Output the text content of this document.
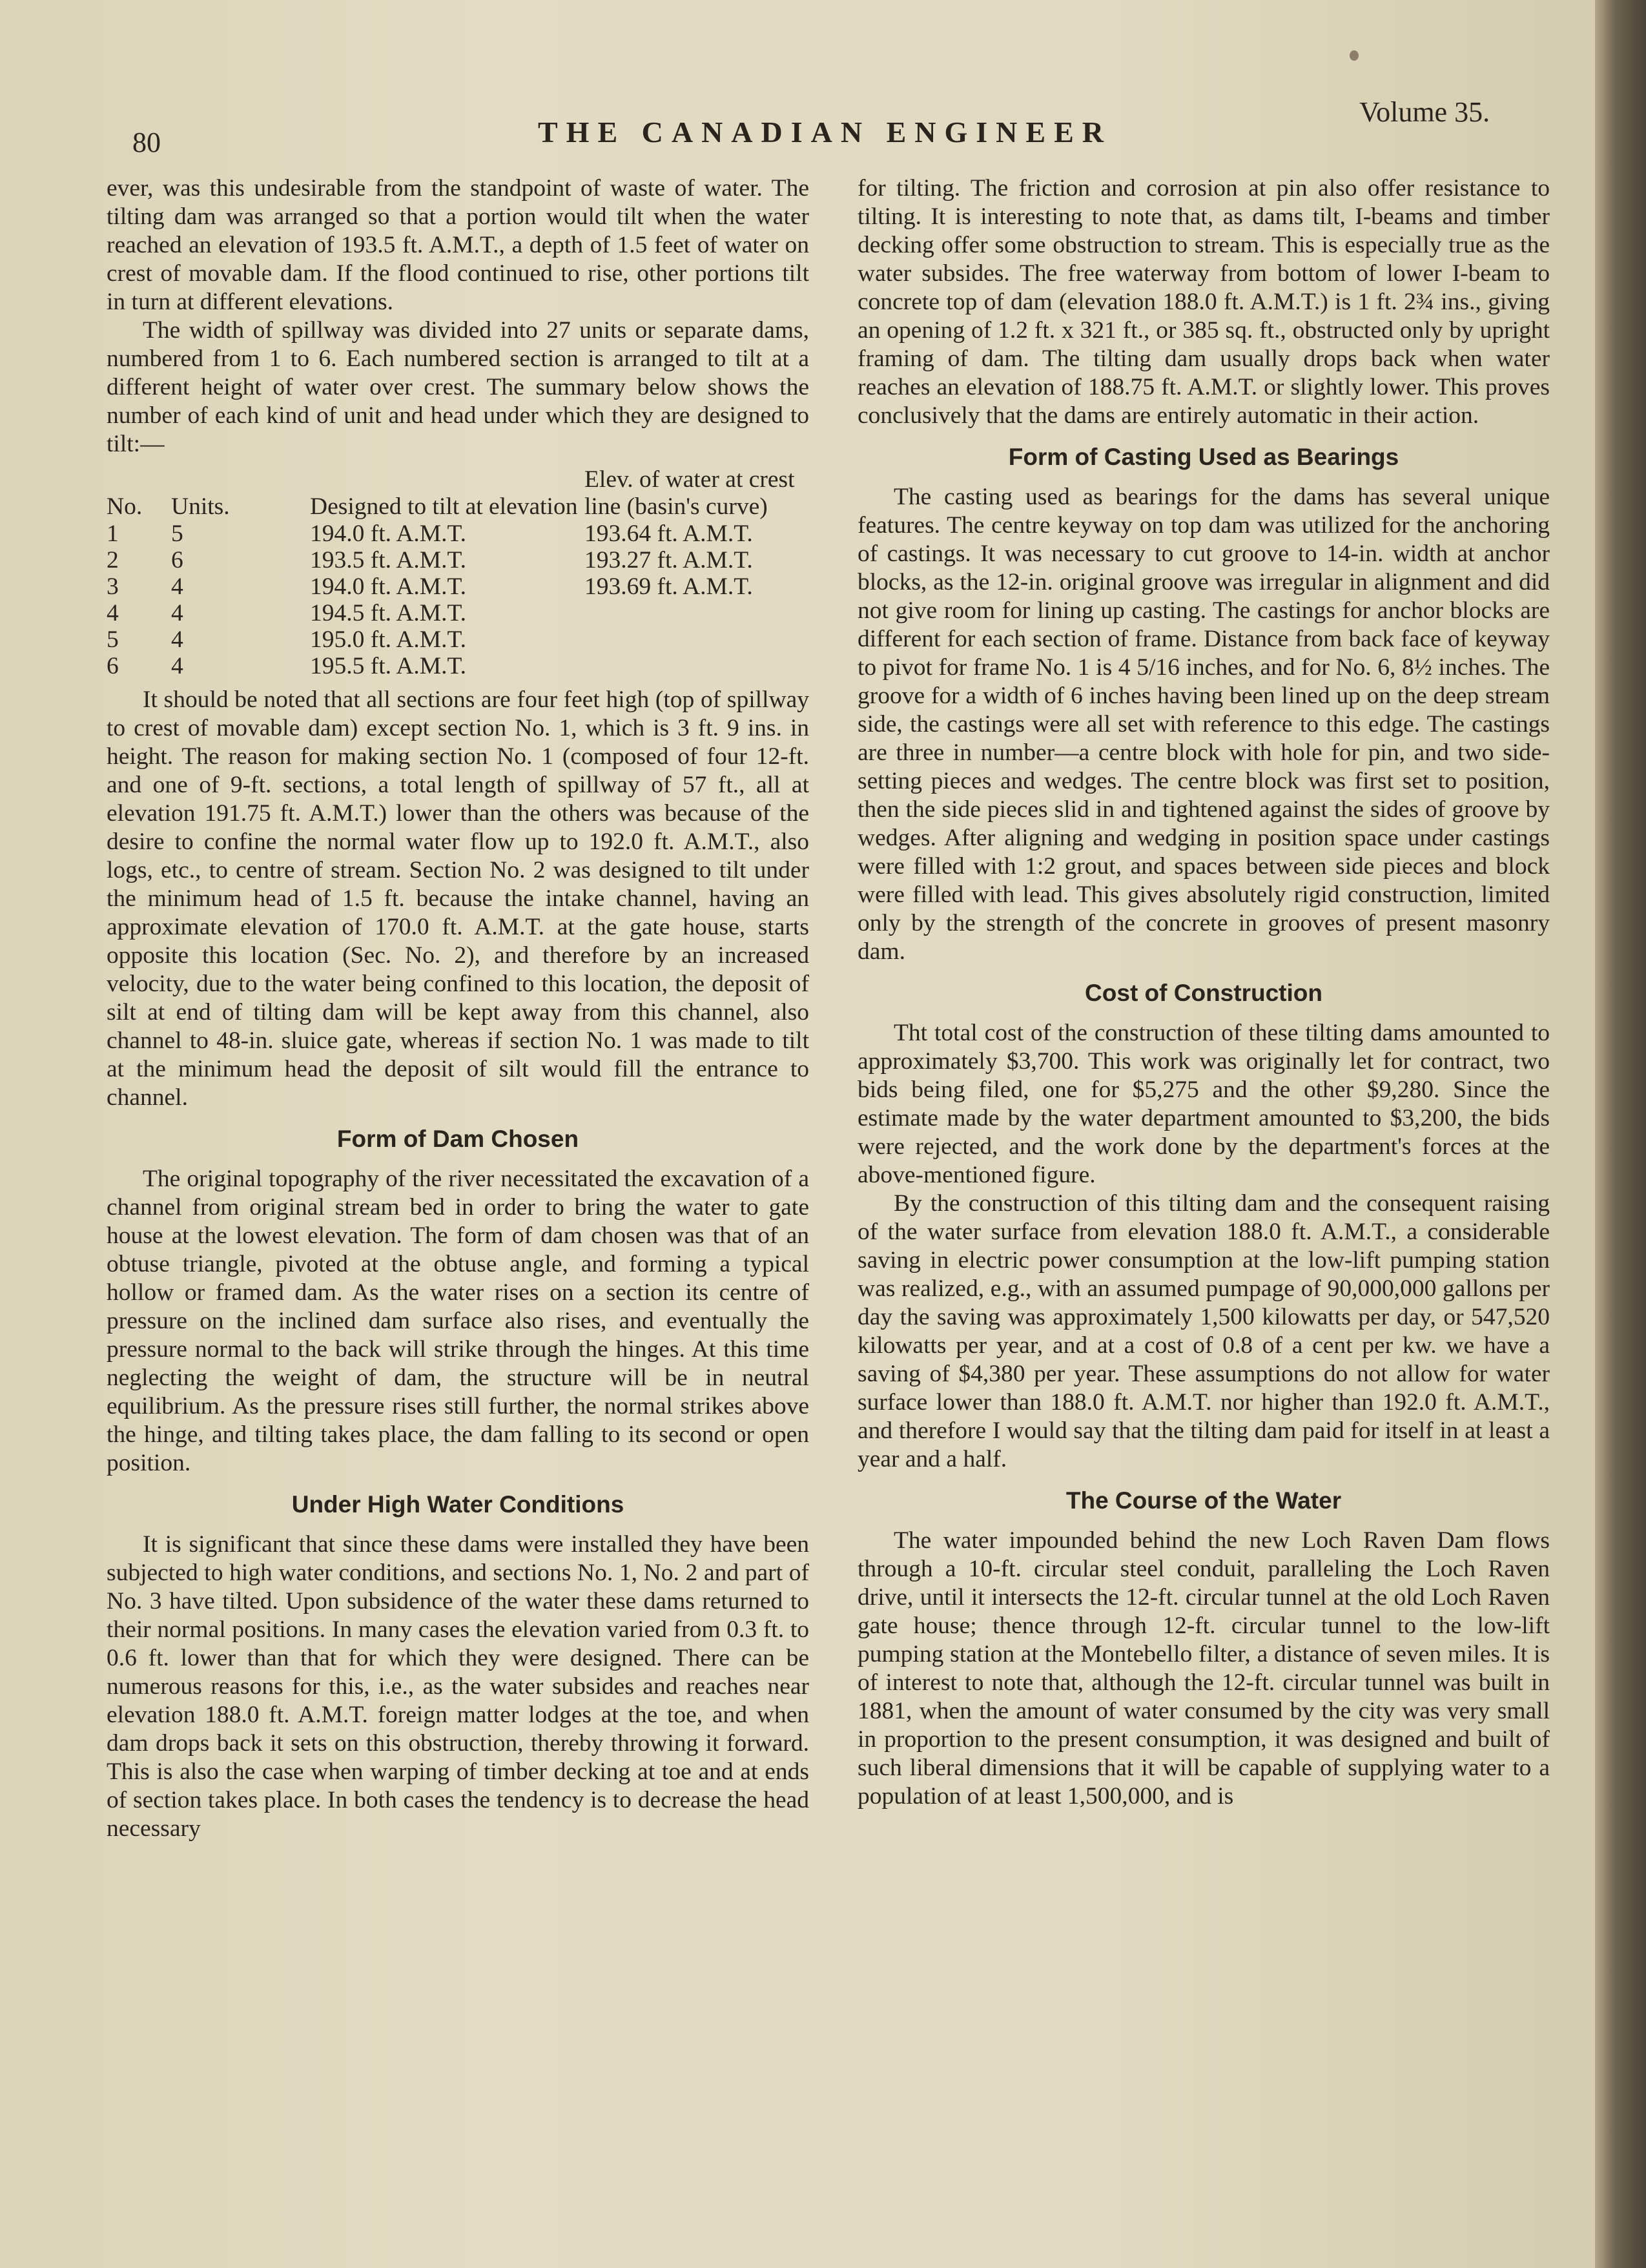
80	THE CANADIAN ENGINEER
Volume 35.

ever, was this undesirable from the standpoint of waste of water. The tilting dam was arranged so that a portion would tilt when the water reached an elevation of 193.5 ft. A.M.T., a depth of 1.5 feet of water on crest of movable dam. If the flood continued to rise, other portions tilt in turn at different elevations.

The width of spillway was divided into 27 units or separate dams, numbered from 1 to 6. Each numbered section is arranged to tilt at a different height of water over crest. The summary below shows the number of each kind of unit and head under which they are designed to tilt:—

No.	Units.	Designed to tilt at elevation	Elev. of water at crest line (basin's curve)
1	5	194.0 ft. A.M.T.	193.64 ft. A.M.T.
2	6	193.5 ft. A.M.T.	193.27 ft. A.M.T.
3	4	194.0 ft. A.M.T.	193.69 ft. A.M.T.
4	4	194.5 ft. A.M.T.	
5	4	195.0 ft. A.M.T.	
6	4	195.5 ft. A.M.T.	

It should be noted that all sections are four feet high (top of spillway to crest of movable dam) except section No. 1, which is 3 ft. 9 ins. in height. The reason for making section No. 1 (composed of four 12-ft. and one of 9-ft. sections, a total length of spillway of 57 ft., all at elevation 191.75 ft. A.M.T.) lower than the others was because of the desire to confine the normal water flow up to 192.0 ft. A.M.T., also logs, etc., to centre of stream. Section No. 2 was designed to tilt under the minimum head of 1.5 ft. because the intake channel, having an approximate elevation of 170.0 ft. A.M.T. at the gate house, starts opposite this location (Sec. No. 2), and therefore by an increased velocity, due to the water being confined to this location, the deposit of silt at end of tilting dam will be kept away from this channel, also channel to 48-in. sluice gate, whereas if section No. 1 was made to tilt at the minimum head the deposit of silt would fill the entrance to channel.

Form of Dam Chosen

The original topography of the river necessitated the excavation of a channel from original stream bed in order to bring the water to gate house at the lowest elevation. The form of dam chosen was that of an obtuse triangle, pivoted at the obtuse angle, and forming a typical hollow or framed dam. As the water rises on a section its centre of pressure on the inclined dam surface also rises, and eventually the pressure normal to the back will strike through the hinges. At this time neglecting the weight of dam, the structure will be in neutral equilibrium. As the pressure rises still further, the normal strikes above the hinge, and tilting takes place, the dam falling to its second or open position.

Under High Water Conditions

It is significant that since these dams were installed they have been subjected to high water conditions, and sections No. 1, No. 2 and part of No. 3 have tilted. Upon subsidence of the water these dams returned to their normal positions. In many cases the elevation varied from 0.3 ft. to 0.6 ft. lower than that for which they were designed. There can be numerous reasons for this, i.e., as the water subsides and reaches near elevation 188.0 ft. A.M.T. foreign matter lodges at the toe, and when dam drops back it sets on this obstruction, thereby throwing it forward. This is also the case when warping of timber decking at toe and at ends of section takes place. In both cases the tendency is to decrease the head necessary

for tilting. The friction and corrosion at pin also offer resistance to tilting. It is interesting to note that, as dams tilt, I-beams and timber decking offer some obstruction to stream. This is especially true as the water subsides. The free waterway from bottom of lower I-beam to concrete top of dam (elevation 188.0 ft. A.M.T.) is 1 ft. 2¾ ins., giving an opening of 1.2 ft. x 321 ft., or 385 sq. ft., obstructed only by upright framing of dam. The tilting dam usually drops back when water reaches an elevation of 188.75 ft. A.M.T. or slightly lower. This proves conclusively that the dams are entirely automatic in their action.

Form of Casting Used as Bearings

The casting used as bearings for the dams has several unique features. The centre keyway on top dam was utilized for the anchoring of castings. It was necessary to cut groove to 14-in. width at anchor blocks, as the 12-in. original groove was irregular in alignment and did not give room for lining up casting. The castings for anchor blocks are different for each section of frame. Distance from back face of keyway to pivot for frame No. 1 is 4 5/16 inches, and for No. 6, 8½ inches. The groove for a width of 6 inches having been lined up on the deep stream side, the castings were all set with reference to this edge. The castings are three in number—a centre block with hole for pin, and two side-setting pieces and wedges. The centre block was first set to position, then the side pieces slid in and tightened against the sides of groove by wedges. After aligning and wedging in position space under castings were filled with 1:2 grout, and spaces between side pieces and block were filled with lead. This gives absolutely rigid construction, limited only by the strength of the concrete in grooves of present masonry dam.

Cost of Construction

Tht total cost of the construction of these tilting dams amounted to approximately $3,700. This work was originally let for contract, two bids being filed, one for $5,275 and the other $9,280. Since the estimate made by the water department amounted to $3,200, the bids were rejected, and the work done by the department's forces at the above-mentioned figure.

By the construction of this tilting dam and the consequent raising of the water surface from elevation 188.0 ft. A.M.T., a considerable saving in electric power consumption at the low-lift pumping station was realized, e.g., with an assumed pumpage of 90,000,000 gallons per day the saving was approximately 1,500 kilowatts per day, or 547,520 kilowatts per year, and at a cost of 0.8 of a cent per kw. we have a saving of $4,380 per year. These assumptions do not allow for water surface lower than 188.0 ft. A.M.T. nor higher than 192.0 ft. A.M.T., and therefore I would say that the tilting dam paid for itself in at least a year and a half.

The Course of the Water

The water impounded behind the new Loch Raven Dam flows through a 10-ft. circular steel conduit, paralleling the Loch Raven drive, until it intersects the 12-ft. circular tunnel at the old Loch Raven gate house; thence through 12-ft. circular tunnel to the low-lift pumping station at the Montebello filter, a distance of seven miles. It is of interest to note that, although the 12-ft. circular tunnel was built in 1881, when the amount of water consumed by the city was very small in proportion to the present consumption, it was designed and built of such liberal dimensions that it will be capable of supplying water to a population of at least 1,500,000, and is
